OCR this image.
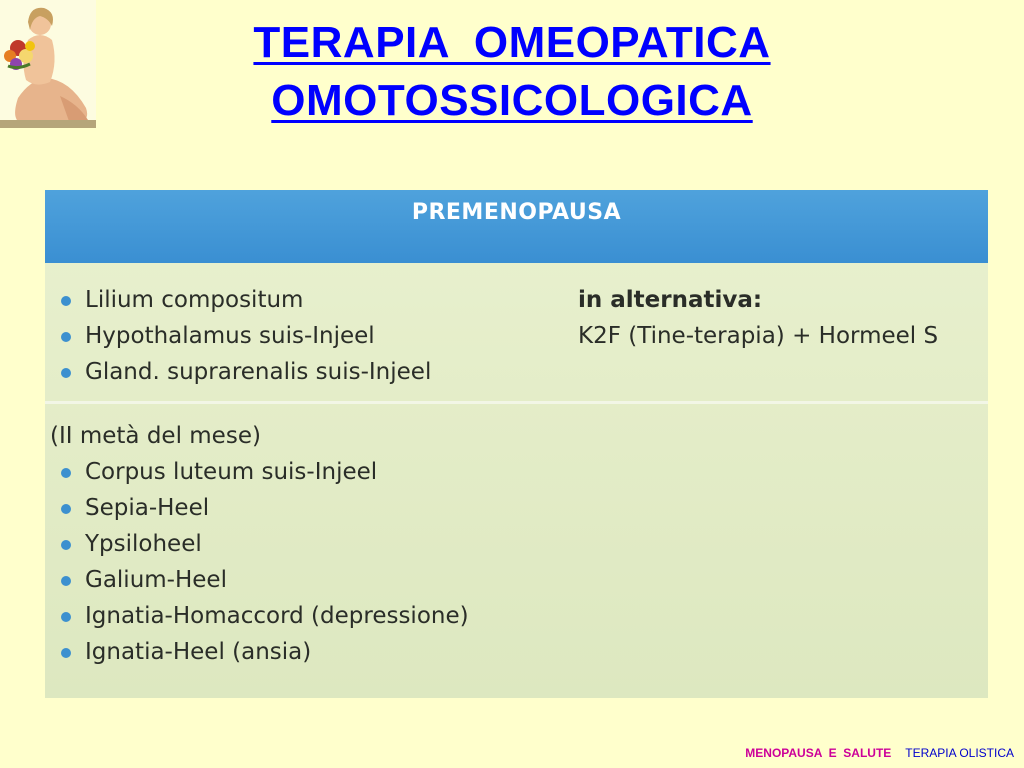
TERAPIA  OMEOPATICA
OMOTOSSICOLOGICA
PREMENOPAUSA
Lilium compositum
Hypothalamus suis-Injeel
Gland. suprarenalis suis-Injeel
in alternativa:
K2F (Tine-terapia) + Hormeel S
(II metà del mese)
Corpus luteum suis-Injeel
Sepia-Heel
Ypsiloheel
Galium-Heel
Ignatia-Homaccord (depressione)
Ignatia-Heel (ansia)
MENOPAUSA  E  SALUTE TERAPIA OLISTICA
